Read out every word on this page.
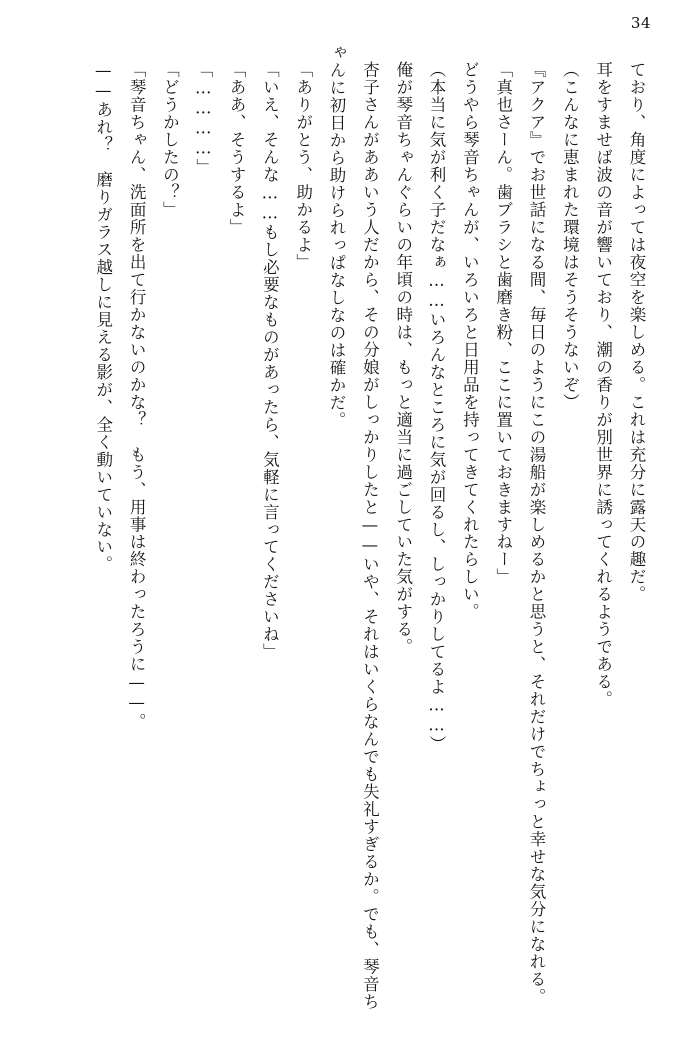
34

ており、角度によっては夜空を楽しめる。これは充分に露天の趣だ。

耳をすませば波の音が響いており、潮の香りが別世界に誘ってくれるようである。

（こんなに恵まれた環境はそうそうないぞ）

『アクア』でお世話になる間、毎日のようにこの湯船が楽しめるかと思うと、それだけでちょっと幸せな気分になれる。

「真也さーん。歯ブラシと歯磨き粉、ここに置いておきますねー」

どうやら琴音ちゃんが、いろいろと日用品を持ってきてくれたらしい。

（本当に気が利く子だなぁ……いろんなところに気が回るし、しっかりしてるよ……）

俺が琴音ちゃんぐらいの年頃の時は、もっと適当に過ごしていた気がする。

杏子さんがああいう人だから、その分娘がしっかりしたと——いや、それはいくらなんでも失礼すぎるか。でも、琴音ちゃんに初日から助けられっぱなしなのは確かだ。

「ありがとう、助かるよ」

「いえ、そんな……もし必要なものがあったら、気軽に言ってくださいね」

「ああ、そうするよ」

「…………」

「どうかしたの？」

「琴音ちゃん、洗面所を出て行かないのかな？　もう、用事は終わったろうに——。

——あれ？　磨りガラス越しに見える影が、全く動いていない。
